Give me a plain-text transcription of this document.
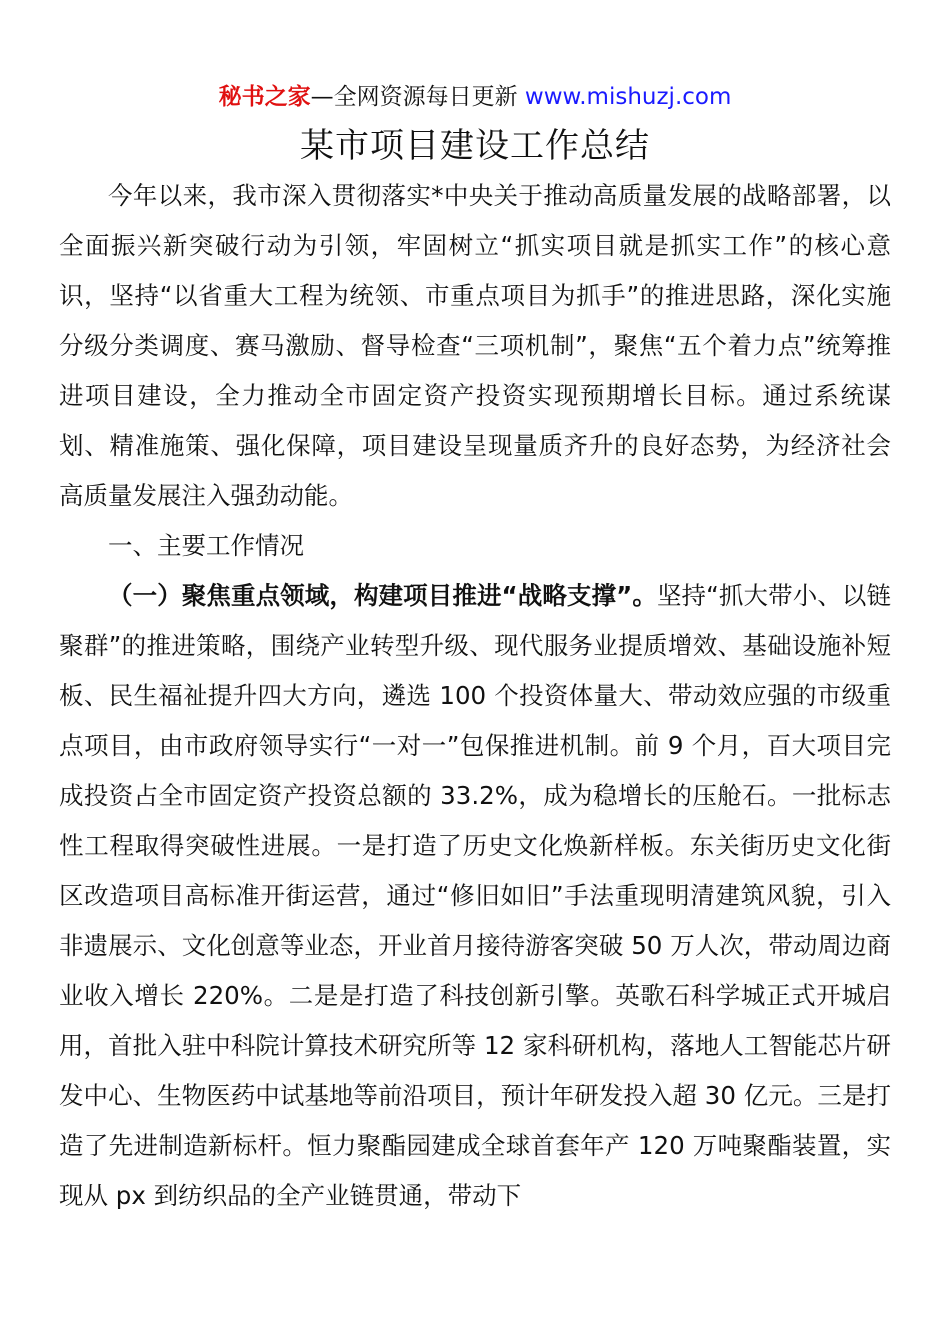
秘书之家—全网资源每日更新 www.mishuzj.com
某市项目建设工作总结

今年以来，我市深入贯彻落实*中央关于推动高质量发展的战略部署，以全面振兴新突破行动为引领，牢固树立“抓实项目就是抓实工作”的核心意识，坚持“以省重大工程为统领、市重点项目为抓手”的推进思路，深化实施分级分类调度、赛马激励、督导检查“三项机制”，聚焦“五个着力点”统筹推进项目建设，全力推动全市固定资产投资实现预期增长目标。通过系统谋划、精准施策、强化保障，项目建设呈现量质齐升的良好态势，为经济社会高质量发展注入强劲动能。

一、主要工作情况

（一）聚焦重点领域，构建项目推进“战略支撑”。坚持“抓大带小、以链聚群”的推进策略，围绕产业转型升级、现代服务业提质增效、基础设施补短板、民生福祉提升四大方向，遴选 100 个投资体量大、带动效应强的市级重点项目，由市政府领导实行“一对一”包保推进机制。前 9 个月，百大项目完成投资占全市固定资产投资总额的 33.2%，成为稳增长的压舱石。一批标志性工程取得突破性进展。一是打造了历史文化焕新样板。东关街历史文化街区改造项目高标准开街运营，通过“修旧如旧”手法重现明清建筑风貌，引入非遗展示、文化创意等业态，开业首月接待游客突破 50 万人次，带动周边商业收入增长 220%。二是是打造了科技创新引擎。英歌石科学城正式开城启用，首批入驻中科院计算技术研究所等 12 家科研机构，落地人工智能芯片研发中心、生物医药中试基地等前沿项目，预计年研发投入超 30 亿元。三是打造了先进制造新标杆。恒力聚酯园建成全球首套年产 120 万吨聚酯装置，实现从 px 到纺织品的全产业链贯通，带动下
